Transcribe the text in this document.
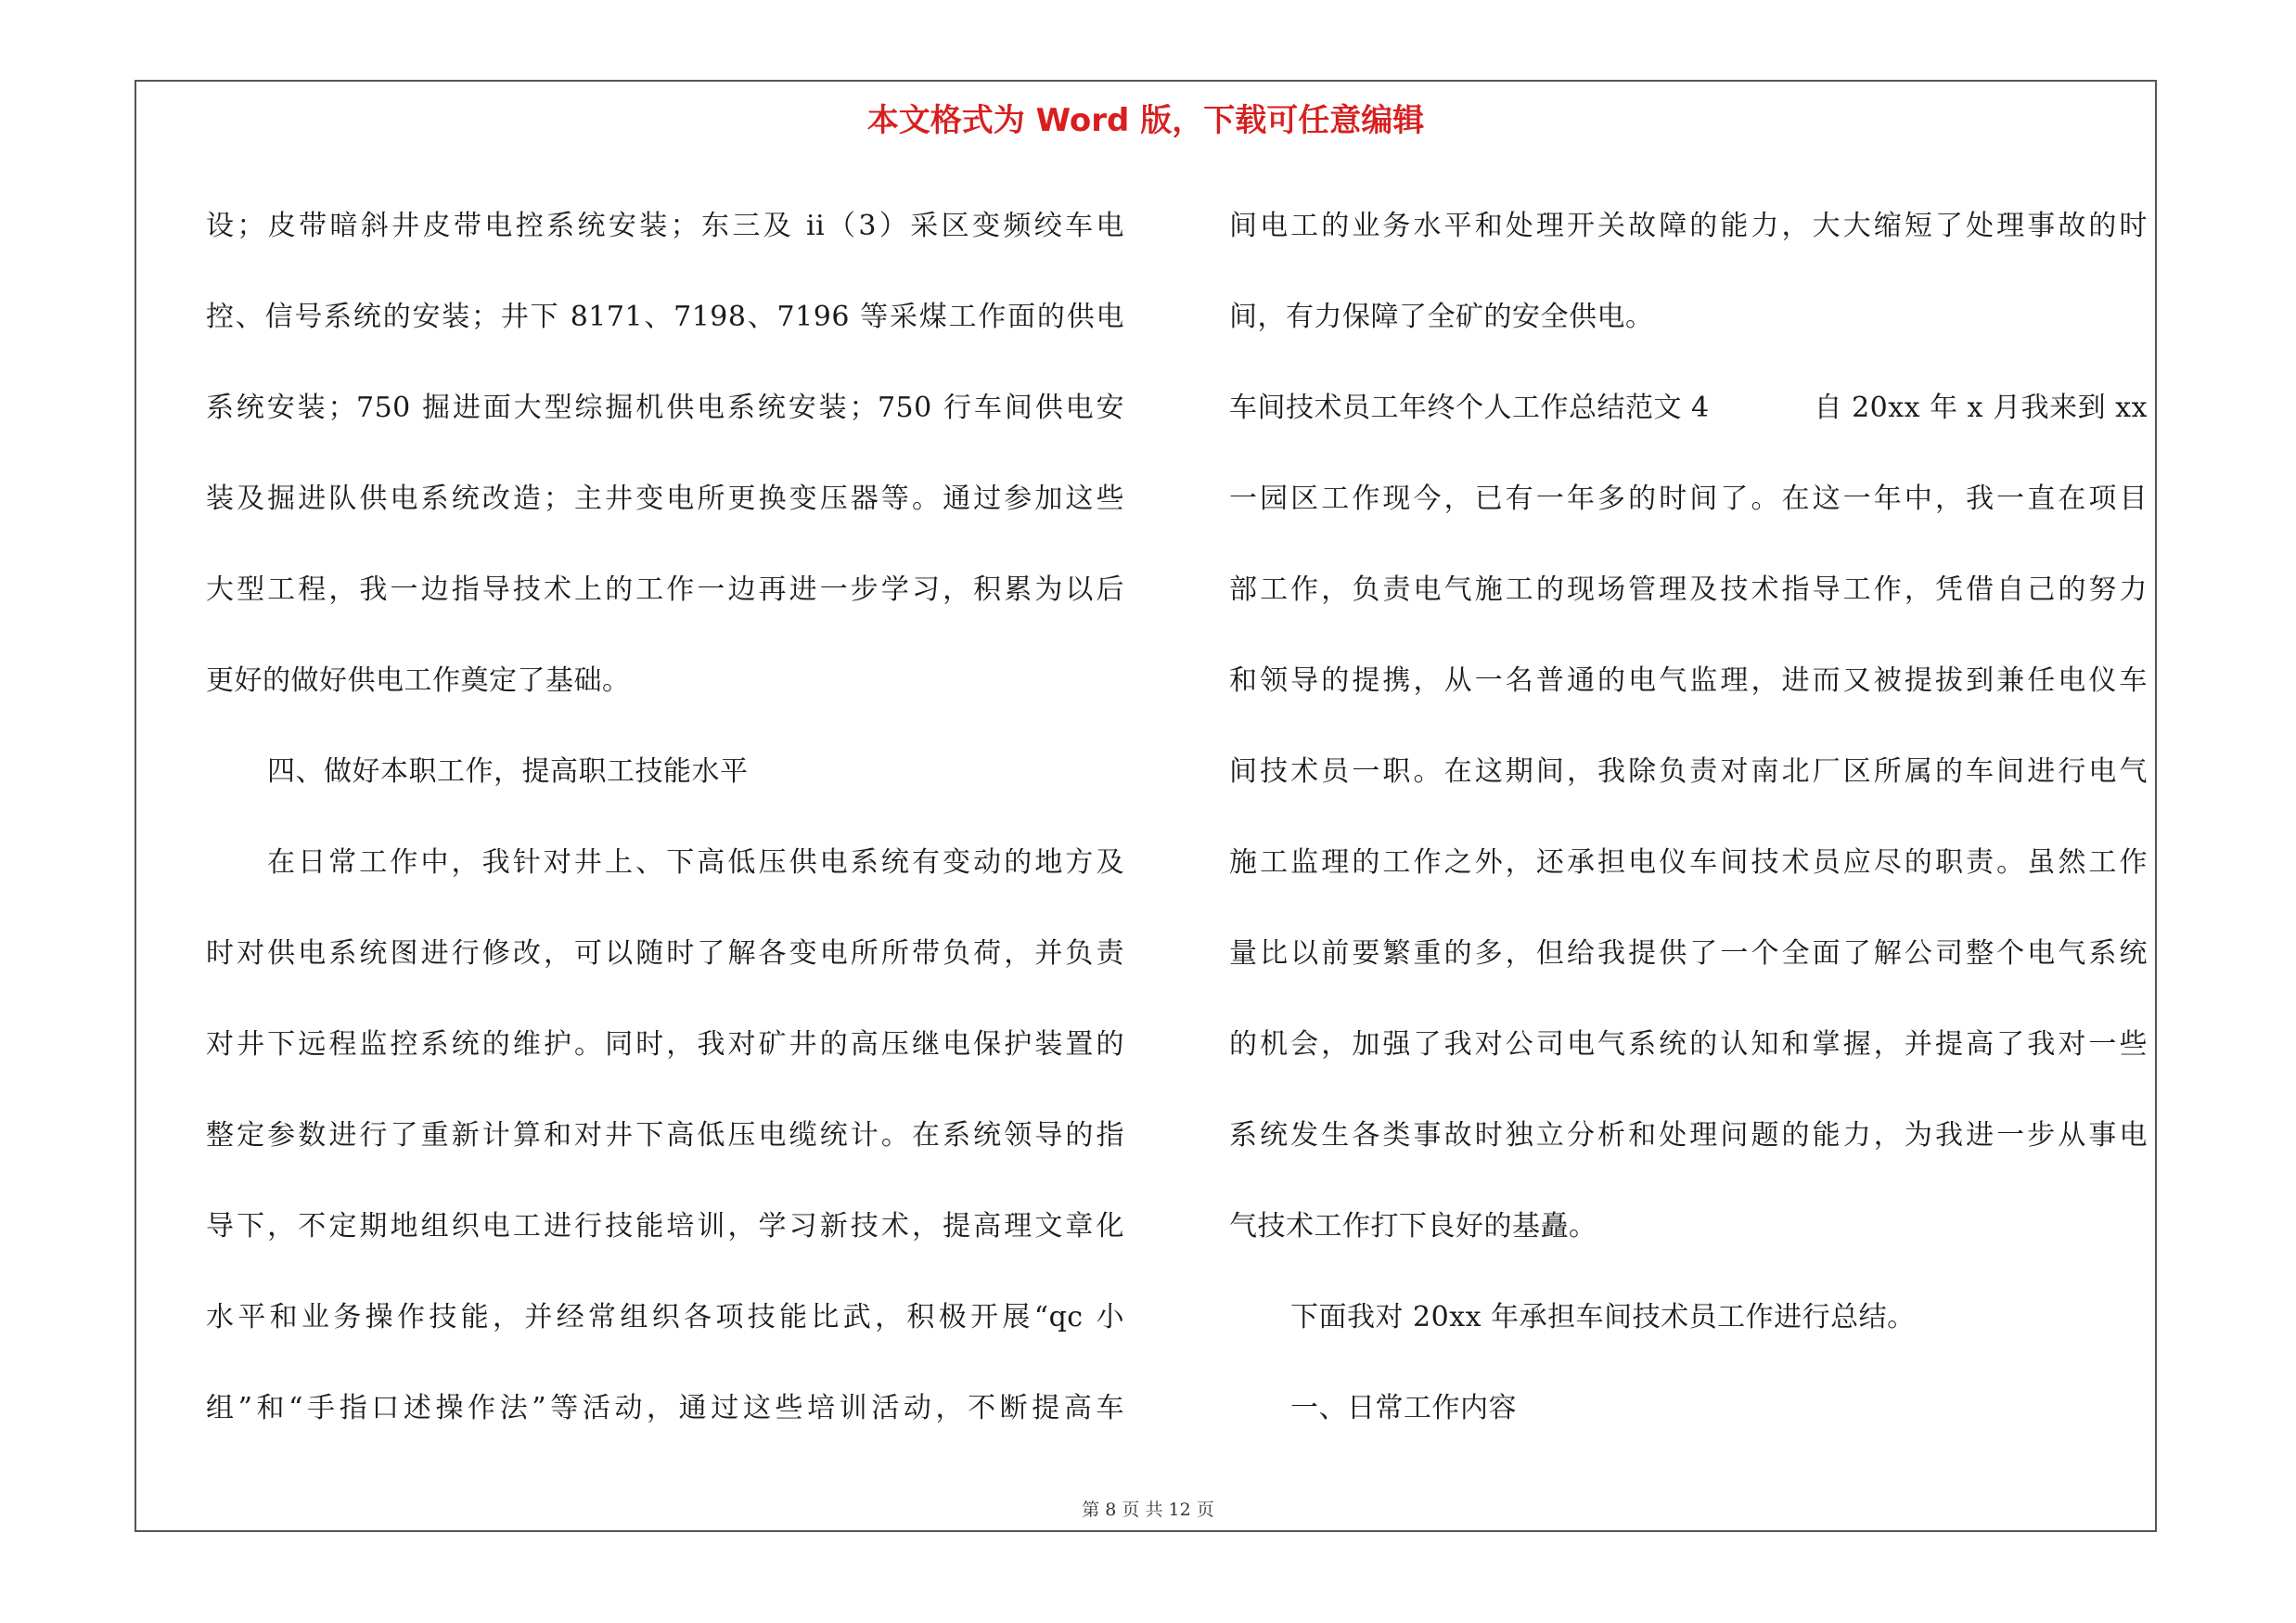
本文格式为 Word 版，下载可任意编辑
设；皮带暗斜井皮带电控系统安装；东三及 ii（3）采区变频绞车电
控、信号系统的安装；井下 8171、7198、7196 等采煤工作面的供电
系统安装；750 掘进面大型综掘机供电系统安装；750 行车间供电安
装及掘进队供电系统改造；主井变电所更换变压器等。通过参加这些
大型工程，我一边指导技术上的工作一边再进一步学习，积累为以后
更好的做好供电工作奠定了基础。
四、做好本职工作，提高职工技能水平
在日常工作中，我针对井上、下高低压供电系统有变动的地方及
时对供电系统图进行修改，可以随时了解各变电所所带负荷，并负责
对井下远程监控系统的维护。同时，我对矿井的高压继电保护装置的
整定参数进行了重新计算和对井下高低压电缆统计。在系统领导的指
导下，不定期地组织电工进行技能培训，学习新技术，提高理文章化
水平和业务操作技能，并经常组织各项技能比武，积极开展“qc 小
组”和“手指口述操作法”等活动，通过这些培训活动，不断提高车
间电工的业务水平和处理开关故障的能力，大大缩短了处理事故的时
间，有力保障了全矿的安全供电。
车间技术员工年终个人工作总结范文 4	自 20xx 年 x 月我来到 xx
一园区工作现今，已有一年多的时间了。在这一年中，我一直在项目
部工作，负责电气施工的现场管理及技术指导工作，凭借自己的努力
和领导的提携，从一名普通的电气监理，进而又被提拔到兼任电仪车
间技术员一职。在这期间，我除负责对南北厂区所属的车间进行电气
施工监理的工作之外，还承担电仪车间技术员应尽的职责。虽然工作
量比以前要繁重的多，但给我提供了一个全面了解公司整个电气系统
的机会，加强了我对公司电气系统的认知和掌握，并提高了我对一些
系统发生各类事故时独立分析和处理问题的能力，为我进一步从事电
气技术工作打下良好的基矗。
下面我对 20xx 年承担车间技术员工作进行总结。
一、日常工作内容
第 8 页 共 12 页
